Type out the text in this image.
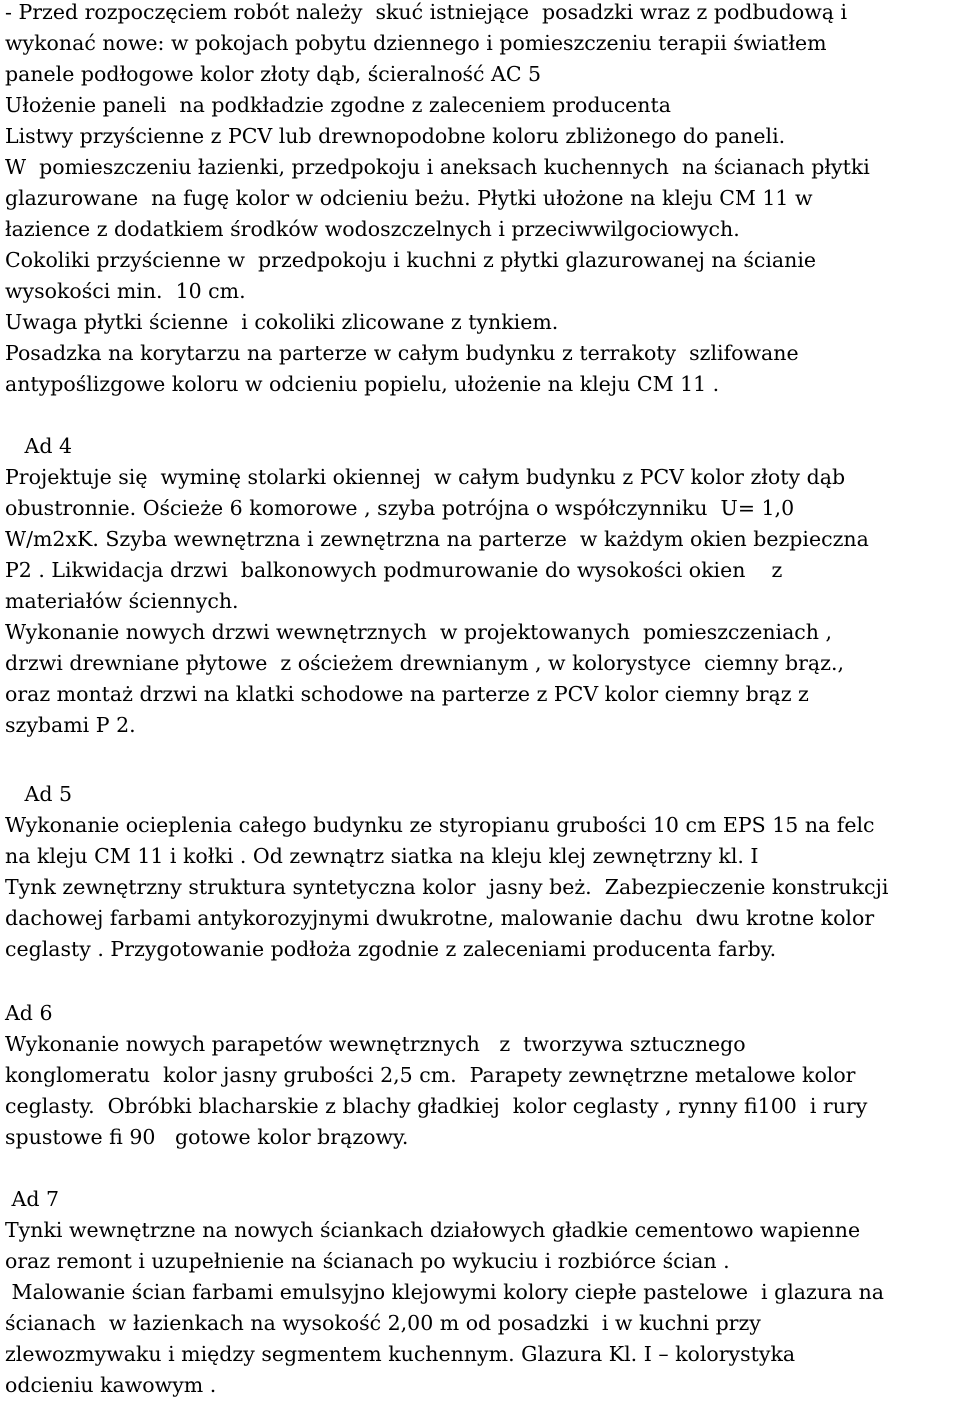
- Przed rozpoczęciem robót należy  skuć istniejące  posadzki wraz z podbudową i
wykonać nowe: w pokojach pobytu dziennego i pomieszczeniu terapii światłem
panele podłogowe kolor złoty dąb, ścieralność AC 5
Ułożenie paneli  na podkładzie zgodne z zaleceniem producenta
Listwy przyścienne z PCV lub drewnopodobne koloru zbliżonego do paneli.
W  pomieszczeniu łazienki, przedpokoju i aneksach kuchennych  na ścianach płytki
glazurowane  na fugę kolor w odcieniu beżu. Płytki ułożone na kleju CM 11 w
łazience z dodatkiem środków wodoszczelnych i przeciwwilgociowych.
Cokoliki przyścienne w  przedpokoju i kuchni z płytki glazurowanej na ścianie
wysokości min.  10 cm.
Uwaga płytki ścienne  i cokoliki zlicowane z tynkiem.
Posadzka na korytarzu na parterze w całym budynku z terrakoty  szlifowane
antypoślizgowe koloru w odcieniu popielu, ułożenie na kleju CM 11 .
Ad 4
Projektuje się  wyminę stolarki okiennej  w całym budynku z PCV kolor złoty dąb
obustronnie. Ościeże 6 komorowe , szyba potrójna o współczynniku  U= 1,0
W/m2xK. Szyba wewnętrzna i zewnętrzna na parterze  w każdym okien bezpieczna
P2 . Likwidacja drzwi  balkonowych podmurowanie do wysokości okien    z
materiałów ściennych.
Wykonanie nowych drzwi wewnętrznych  w projektowanych  pomieszczeniach ,
drzwi drewniane płytowe  z ościeżem drewnianym , w kolorystyce  ciemny brąz.,
oraz montaż drzwi na klatki schodowe na parterze z PCV kolor ciemny brąz z
szybami P 2.
Ad 5
Wykonanie ocieplenia całego budynku ze styropianu grubości 10 cm EPS 15 na felc
na kleju CM 11 i kołki . Od zewnątrz siatka na kleju klej zewnętrzny kl. I
Tynk zewnętrzny struktura syntetyczna kolor  jasny beż.  Zabezpieczenie konstrukcji
dachowej farbami antykorozyjnymi dwukrotne, malowanie dachu  dwu krotne kolor
ceglasty . Przygotowanie podłoża zgodnie z zaleceniami producenta farby.
Ad 6
Wykonanie nowych parapetów wewnętrznych   z  tworzywa sztucznego
konglomeratu  kolor jasny grubości 2,5 cm.  Parapety zewnętrzne metalowe kolor
ceglasty.  Obróbki blacharskie z blachy gładkiej  kolor ceglasty , rynny fi100  i rury
spustowe fi 90   gotowe kolor brązowy.
Ad 7
Tynki wewnętrzne na nowych ściankach działowych gładkie cementowo wapienne
oraz remont i uzupełnienie na ścianach po wykuciu i rozbiórce ścian .
Malowanie ścian farbami emulsyjno klejowymi kolory ciepłe pastelowe  i glazura na
ścianach  w łazienkach na wysokość 2,00 m od posadzki  i w kuchni przy
zlewozmywaku i między segmentem kuchennym. Glazura Kl. I – kolorystyka
odcieniu kawowym .
